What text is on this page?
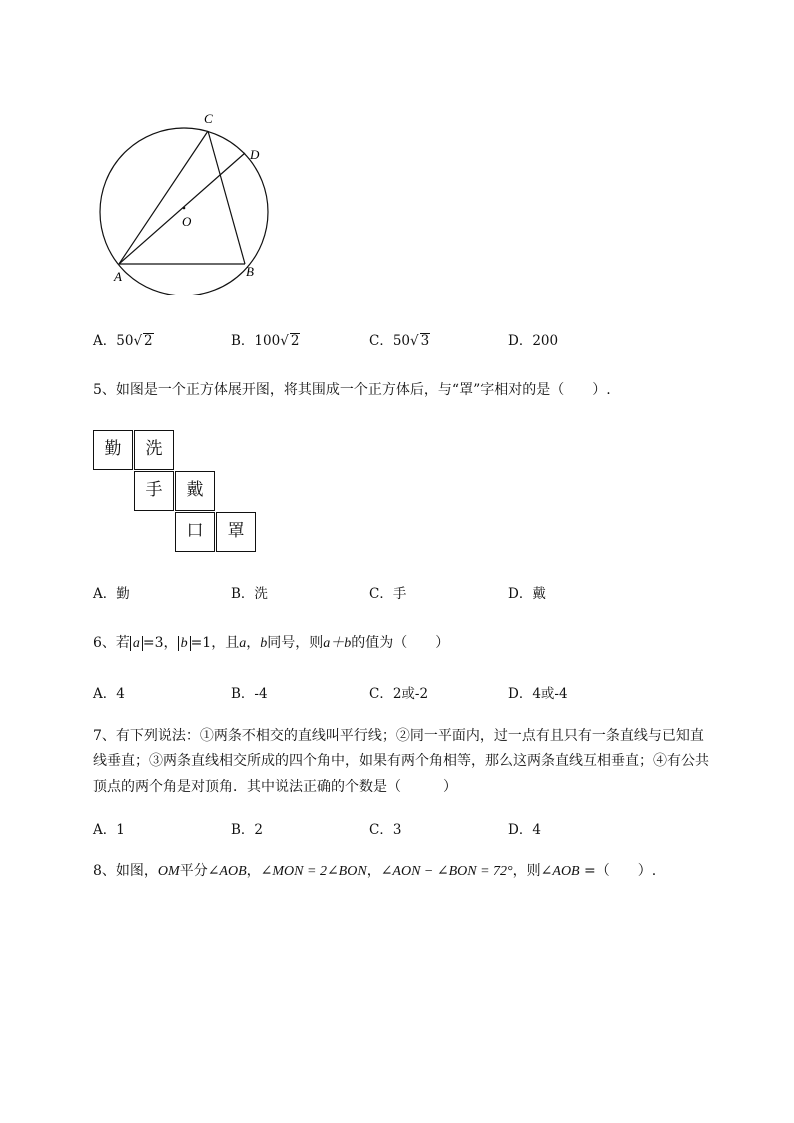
C
D
O
A	B
A．50√ 2	B．100√ 2	C．50√ 3	D．200
5、如图是一个正方体展开图，将其围成一个正方体后，与“罩”字相对的是（　　）.
勤	洗
手	戴
口	罩
A．勤	B．洗	C．手	D．戴
6、若 a =3， b =1，且a，b同号，则a＋b的值为（　　）
A．4	B．-4	C．2或-2	D．4或-4
7、有下列说法：①两条不相交的直线叫平行线；②同一平面内，过一点有且只有一条直线与已知直
线垂直；③两条直线相交所成的四个角中，如果有两个角相等，那么这两条直线互相垂直；④有公共
顶点的两个角是对顶角．其中说法正确的个数是（　　　）
A．1	B．2	C．3	D．4
8、如图，OM平分∠AOB，∠MON = 2∠BON，∠AON − ∠BON = 72°，则∠AOB =（　　）.
